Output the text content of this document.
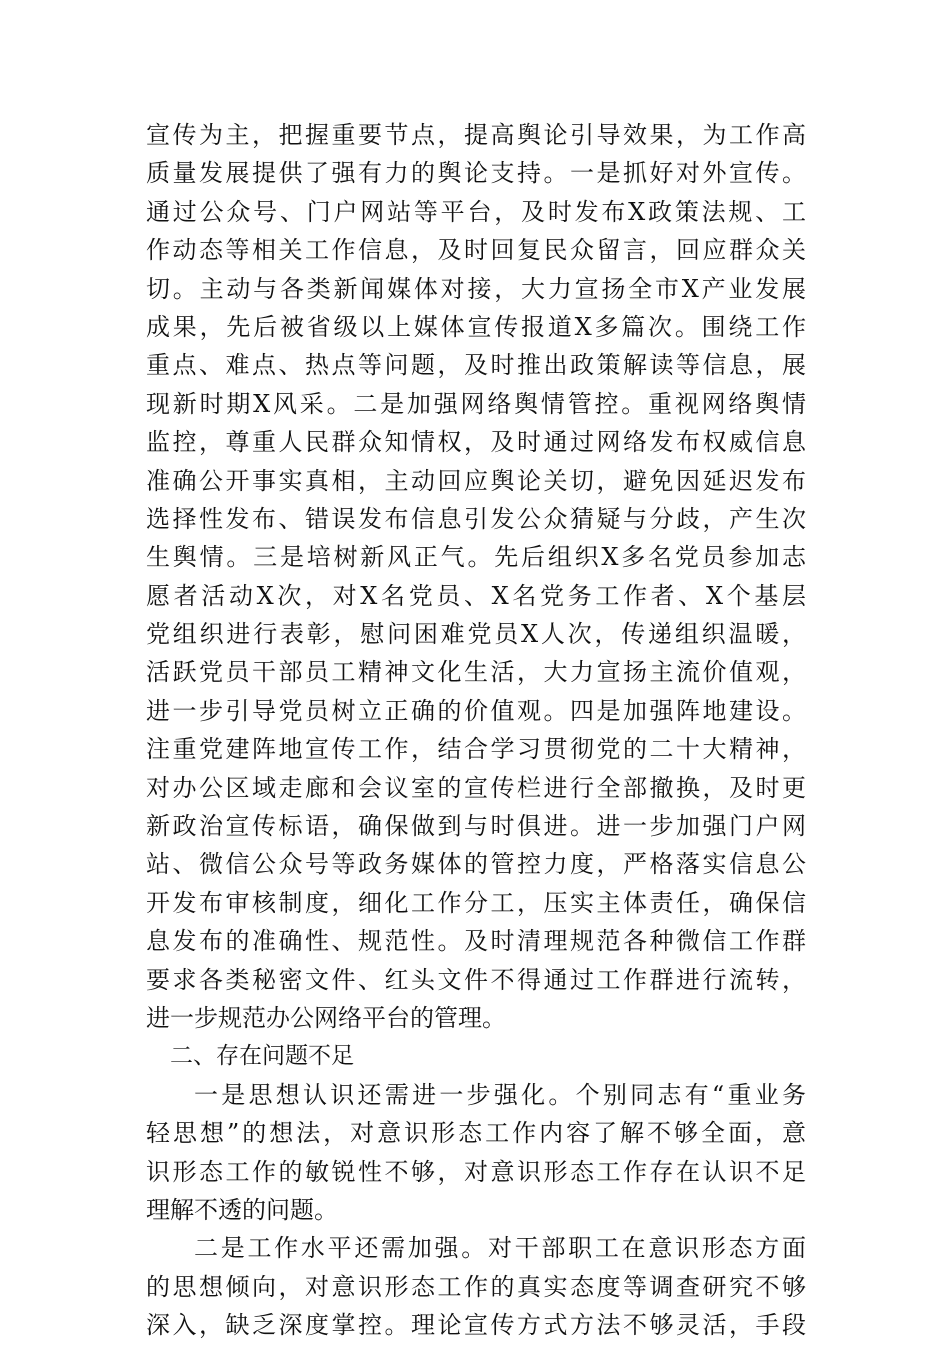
宣传为主，把握重要节点，提高舆论引导效果，为工作高
质量发展提供了强有力的舆论支持。一是抓好对外宣传。
通过公众号、门户网站等平台，及时发布X政策法规、工
作动态等相关工作信息，及时回复民众留言，回应群众关
切。主动与各类新闻媒体对接，大力宣扬全市X产业发展
成果，先后被省级以上媒体宣传报道X多篇次。围绕工作
重点、难点、热点等问题，及时推出政策解读等信息，展
现新时期X风采。二是加强网络舆情管控。重视网络舆情
监控，尊重人民群众知情权，及时通过网络发布权威信息
准确公开事实真相，主动回应舆论关切，避免因延迟发布
选择性发布、错误发布信息引发公众猜疑与分歧，产生次
生舆情。三是培树新风正气。先后组织X多名党员参加志
愿者活动X次，对X名党员、X名党务工作者、X个基层
党组织进行表彰，慰问困难党员X人次，传递组织温暖，
活跃党员干部员工精神文化生活，大力宣扬主流价值观，
进一步引导党员树立正确的价值观。四是加强阵地建设。
注重党建阵地宣传工作，结合学习贯彻党的二十大精神，
对办公区域走廊和会议室的宣传栏进行全部撤换，及时更
新政治宣传标语，确保做到与时俱进。进一步加强门户网
站、微信公众号等政务媒体的管控力度，严格落实信息公
开发布审核制度，细化工作分工，压实主体责任，确保信
息发布的准确性、规范性。及时清理规范各种微信工作群
要求各类秘密文件、红头文件不得通过工作群进行流转，
进一步规范办公网络平台的管理。
二、存在问题不足
一是思想认识还需进一步强化。个别同志有“重业务
轻思想”的想法，对意识形态工作内容了解不够全面，意
识形态工作的敏锐性不够，对意识形态工作存在认识不足
理解不透的问题。
二是工作水平还需加强。对干部职工在意识形态方面
的思想倾向，对意识形态工作的真实态度等调查研究不够
深入，缺乏深度掌控。理论宣传方式方法不够灵活，手段
